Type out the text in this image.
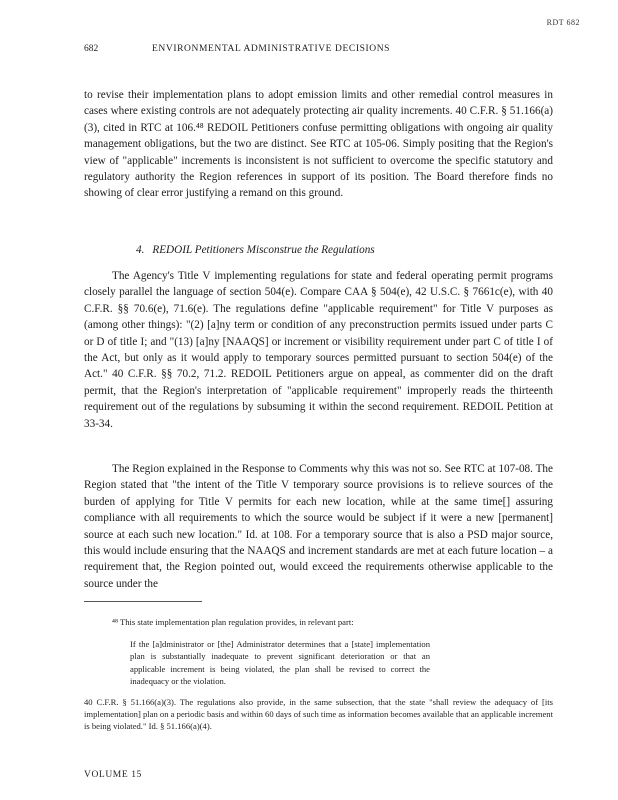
RDT 682
682	ENVIRONMENTAL ADMINISTRATIVE DECISIONS

to revise their implementation plans to adopt emission limits and other remedial control measures in cases where existing controls are not adequately protecting air quality increments. 40 C.F.R. § 51.166(a)(3), cited in RTC at 106.⁴⁸ REDOIL Petitioners confuse permitting obligations with ongoing air quality management obligations, but the two are distinct. See RTC at 105-06. Simply positing that the Region's view of "applicable" increments is inconsistent is not sufficient to overcome the specific statutory and regulatory authority the Region references in support of its position. The Board therefore finds no showing of clear error justifying a remand on this ground.

4. REDOIL Petitioners Misconstrue the Regulations

The Agency's Title V implementing regulations for state and federal operating permit programs closely parallel the language of section 504(e). Compare CAA § 504(e), 42 U.S.C. § 7661c(e), with 40 C.F.R. §§ 70.6(e), 71.6(e). The regulations define "applicable requirement" for Title V purposes as (among other things): "(2) [a]ny term or condition of any preconstruction permits issued under parts C or D of title I; and "(13) [a]ny [NAAQS] or increment or visibility requirement under part C of title I of the Act, but only as it would apply to temporary sources permitted pursuant to section 504(e) of the Act." 40 C.F.R. §§ 70.2, 71.2. REDOIL Petitioners argue on appeal, as commenter did on the draft permit, that the Region's interpretation of "applicable requirement" improperly reads the thirteenth requirement out of the regulations by subsuming it within the second requirement. REDOIL Petition at 33-34.

The Region explained in the Response to Comments why this was not so. See RTC at 107-08. The Region stated that "the intent of the Title V temporary source provisions is to relieve sources of the burden of applying for Title V permits for each new location, while at the same time[] assuring compliance with all requirements to which the source would be subject if it were a new [permanent] source at each such new location." Id. at 108. For a temporary source that is also a PSD major source, this would include ensuring that the NAAQS and increment standards are met at each future location – a requirement that, the Region pointed out, would exceed the requirements otherwise applicable to the source under the

⁴⁸ This state implementation plan regulation provides, in relevant part:

If the [a]dministrator or [the] Administrator determines that a [state] implementation plan is substantially inadequate to prevent significant deterioration or that an applicable increment is being violated, the plan shall be revised to correct the inadequacy or the violation.

40 C.F.R. § 51.166(a)(3). The regulations also provide, in the same subsection, that the state "shall review the adequacy of [its implementation] plan on a periodic basis and within 60 days of such time as information becomes available that an applicable increment is being violated." Id. § 51.166(a)(4).

VOLUME 15
